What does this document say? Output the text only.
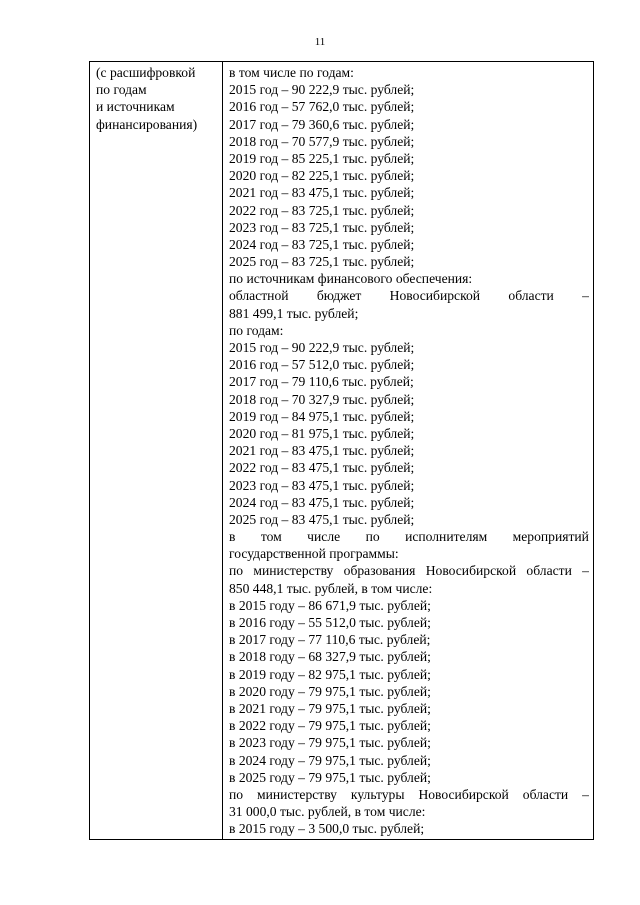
11
(с расшифровкой
по годам
и источникам
финансирования)
в том числе по годам:
2015 год – 90 222,9 тыс. рублей;
2016 год – 57 762,0 тыс. рублей;
2017 год – 79 360,6 тыс. рублей;
2018 год – 70 577,9 тыс. рублей;
2019 год – 85 225,1 тыс. рублей;
2020 год – 82 225,1 тыс. рублей;
2021 год – 83 475,1 тыс. рублей;
2022 год – 83 725,1 тыс. рублей;
2023 год – 83 725,1 тыс. рублей;
2024 год – 83 725,1 тыс. рублей;
2025 год – 83 725,1 тыс. рублей;
по источникам финансового обеспечения:
областной бюджет Новосибирской области –
881 499,1 тыс. рублей;
по годам:
2015 год – 90 222,9 тыс. рублей;
2016 год – 57 512,0 тыс. рублей;
2017 год – 79 110,6 тыс. рублей;
2018 год – 70 327,9 тыс. рублей;
2019 год – 84 975,1 тыс. рублей;
2020 год – 81 975,1 тыс. рублей;
2021 год – 83 475,1 тыс. рублей;
2022 год – 83 475,1 тыс. рублей;
2023 год – 83 475,1 тыс. рублей;
2024 год – 83 475,1 тыс. рублей;
2025 год – 83 475,1 тыс. рублей;
в том числе по исполнителям мероприятий
государственной программы:
по министерству образования Новосибирской области –
850 448,1 тыс. рублей, в том числе:
в 2015 году – 86 671,9 тыс. рублей;
в 2016 году – 55 512,0 тыс. рублей;
в 2017 году – 77 110,6 тыс. рублей;
в 2018 году – 68 327,9 тыс. рублей;
в 2019 году – 82 975,1 тыс. рублей;
в 2020 году – 79 975,1 тыс. рублей;
в 2021 году – 79 975,1 тыс. рублей;
в 2022 году – 79 975,1 тыс. рублей;
в 2023 году – 79 975,1 тыс. рублей;
в 2024 году – 79 975,1 тыс. рублей;
в 2025 году – 79 975,1 тыс. рублей;
по министерству культуры Новосибирской области –
31 000,0 тыс. рублей, в том числе:
в 2015 году – 3 500,0 тыс. рублей;
